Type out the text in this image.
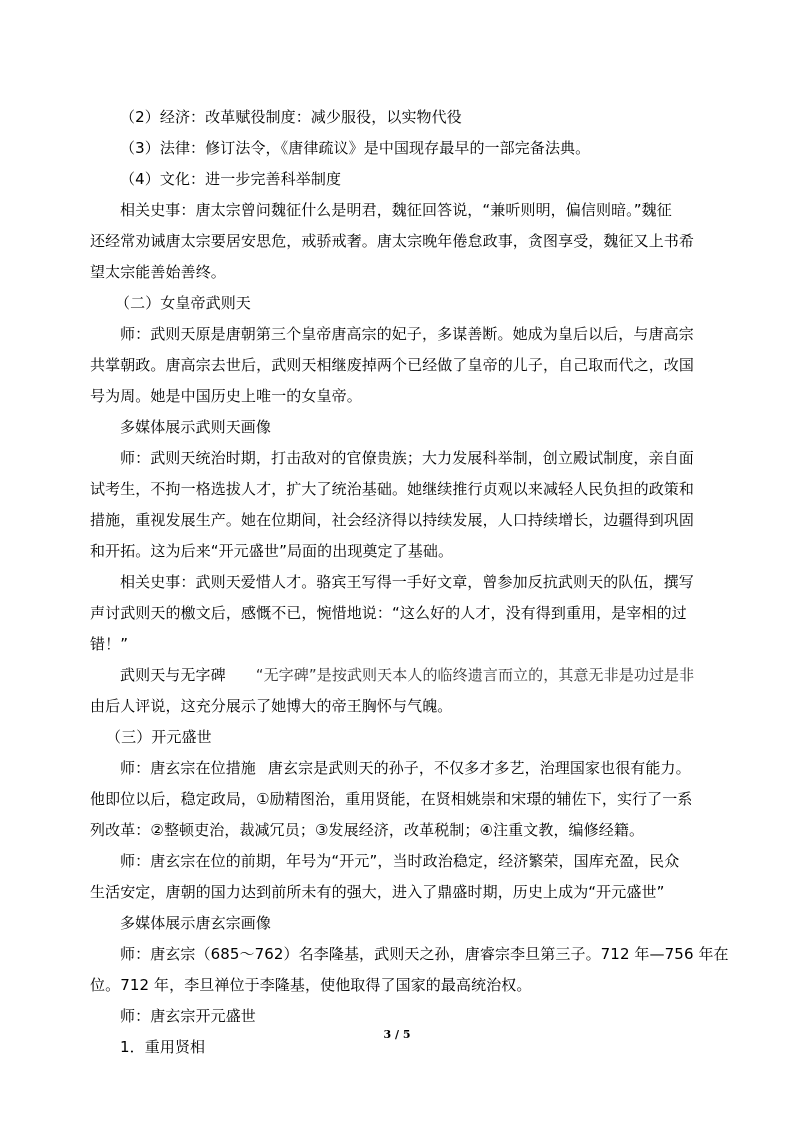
（2）经济：改革赋役制度：减少服役，以实物代役
（3）法律：修订法令，《唐律疏议》是中国现存最早的一部完备法典。
（4）文化：进一步完善科举制度
相关史事：唐太宗曾问魏征什么是明君，魏征回答说，“兼听则明，偏信则暗。”魏征
还经常劝诫唐太宗要居安思危，戒骄戒奢。唐太宗晚年倦怠政事，贪图享受，魏征又上书希
望太宗能善始善终。
（二）女皇帝武则天
师：武则天原是唐朝第三个皇帝唐高宗的妃子，多谋善断。她成为皇后以后，与唐高宗
共掌朝政。唐高宗去世后，武则天相继废掉两个已经做了皇帝的儿子，自己取而代之，改国
号为周。她是中国历史上唯一的女皇帝。
多媒体展示武则天画像
师：武则天统治时期，打击敌对的官僚贵族；大力发展科举制，创立殿试制度，亲自面
试考生，不拘一格选拔人才，扩大了统治基础。她继续推行贞观以来减轻人民负担的政策和
措施，重视发展生产。她在位期间，社会经济得以持续发展，人口持续增长，边疆得到巩固
和开拓。这为后来“开元盛世”局面的出现奠定了基础。
相关史事：武则天爱惜人才。骆宾王写得一手好文章，曾参加反抗武则天的队伍，撰写
声讨武则天的檄文后，感慨不已，惋惜地说：“这么好的人才，没有得到重用，是宰相的过
错！”
武则天与无字碑 “无字碑”是按武则天本人的临终遗言而立的，其意无非是功过是非
由后人评说，这充分展示了她博大的帝王胸怀与气魄。
（三）开元盛世
师：唐玄宗在位措施 唐玄宗是武则天的孙子，不仅多才多艺，治理国家也很有能力。
他即位以后，稳定政局，①励精图治，重用贤能，在贤相姚崇和宋璟的辅佐下，实行了一系
列改革：②整顿吏治，裁减冗员；③发展经济，改革税制；④注重文教，编修经籍。
师：唐玄宗在位的前期，年号为“开元”，当时政治稳定，经济繁荣，国库充盈，民众
生活安定，唐朝的国力达到前所未有的强大，进入了鼎盛时期，历史上成为“开元盛世”
多媒体展示唐玄宗画像
师：唐玄宗（685～762）名李隆基，武则天之孙，唐睿宗李旦第三子。712 年—756 年在
位。712 年，李旦禅位于李隆基，使他取得了国家的最高统治权。
师：唐玄宗开元盛世
1．重用贤相
3 / 5
